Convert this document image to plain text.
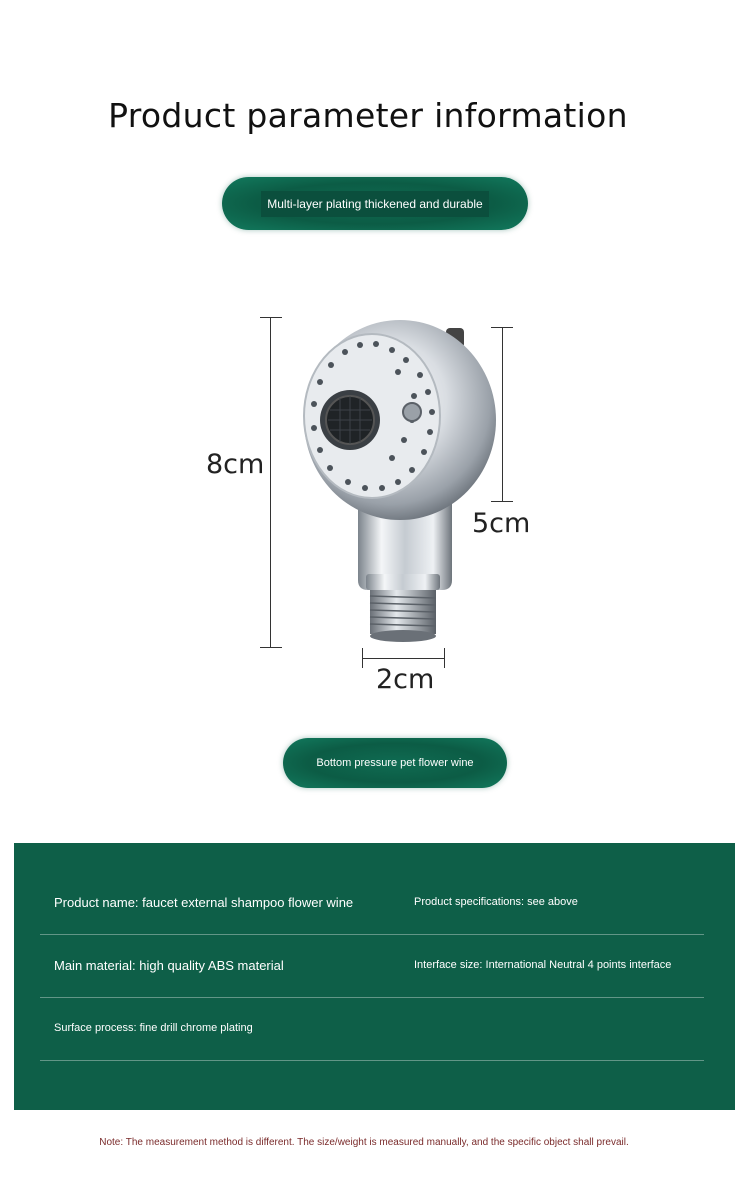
Product parameter information
Multi-layer plating thickened and durable
8cm
5cm
2cm
Bottom pressure pet flower wine
Product name: faucet external shampoo flower wine	Product specifications: see above
Main material: high quality ABS material	Interface size: International Neutral 4 points interface
Surface process: fine drill chrome plating
Note: The measurement method is different. The size/weight is measured manually, and the specific object shall prevail.
